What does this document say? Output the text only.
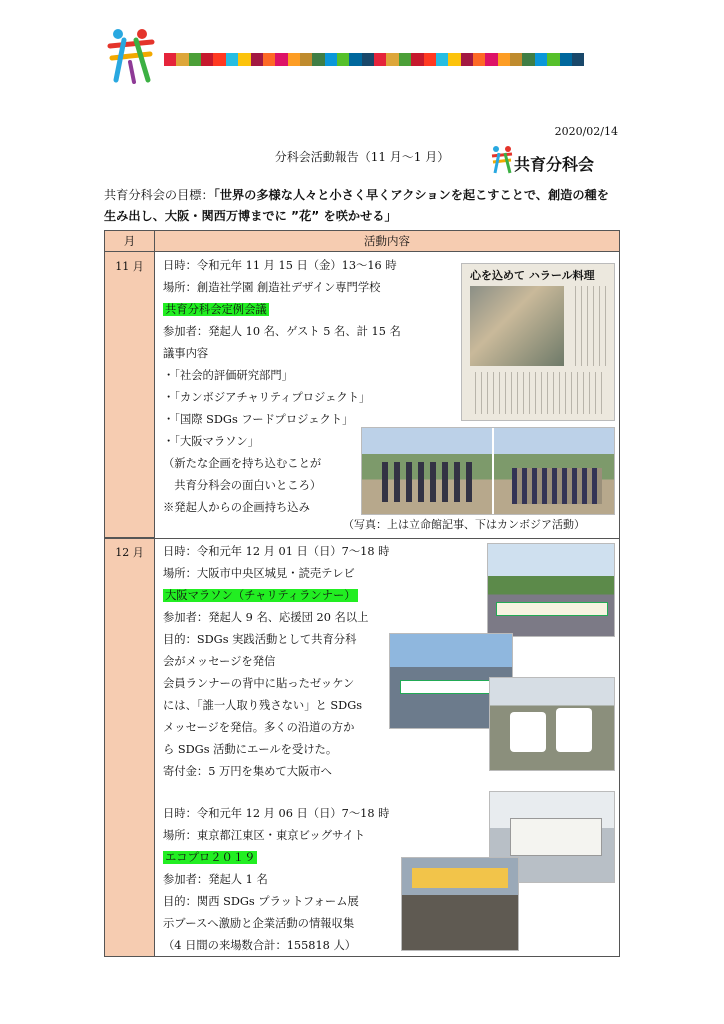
2020/02/14
分科会活動報告（11 月〜1 月）	共育分科会
共育分科会の目標：「世界の多様な人々と小さく早くアクションを起こすことで、創造の種を
生み出し、大阪・関西万博までに ”花” を咲かせる」
月	活動内容
11 月
12 月
日時：令和元年 11 月 15 日（金）13〜16 時
場所：創造社学園 創造社デザイン専門学校
共育分科会定例会議
参加者：発起人 10 名、ゲスト 5 名、計 15 名
議事内容
・「社会的評価研究部門」
・「カンボジアチャリティプロジェクト」
・「国際 SDGs フードプロジェクト」
・「大阪マラソン」
（新たな企画を持ち込むことが
　共育分科会の面白いところ）
※発起人からの企画持ち込み
心を込めて ハラール料理
（写真：上は立命館記事、下はカンボジア活動）
日時：令和元年 12 月 01 日（日）7〜18 時
場所：大阪市中央区城見・読売テレビ
大阪マラソン（チャリティランナー）
参加者：発起人 9 名、応援団 20 名以上
目的：SDGs 実践活動として共育分科
会がメッセージを発信
会員ランナーの背中に貼ったゼッケン
には、「誰一人取り残さない」と SDGs
メッセージを発信。多くの沿道の方か
ら SDGs 活動にエールを受けた。
寄付金：5 万円を集めて大阪市へ
日時：令和元年 12 月 06 日（日）7〜18 時
場所：東京都江東区・東京ビッグサイト
エコプロ２０１９
参加者：発起人 1 名
目的：関西 SDGs プラットフォーム展
示ブースへ激励と企業活動の情報収集
（4 日間の来場数合計：155818 人）
